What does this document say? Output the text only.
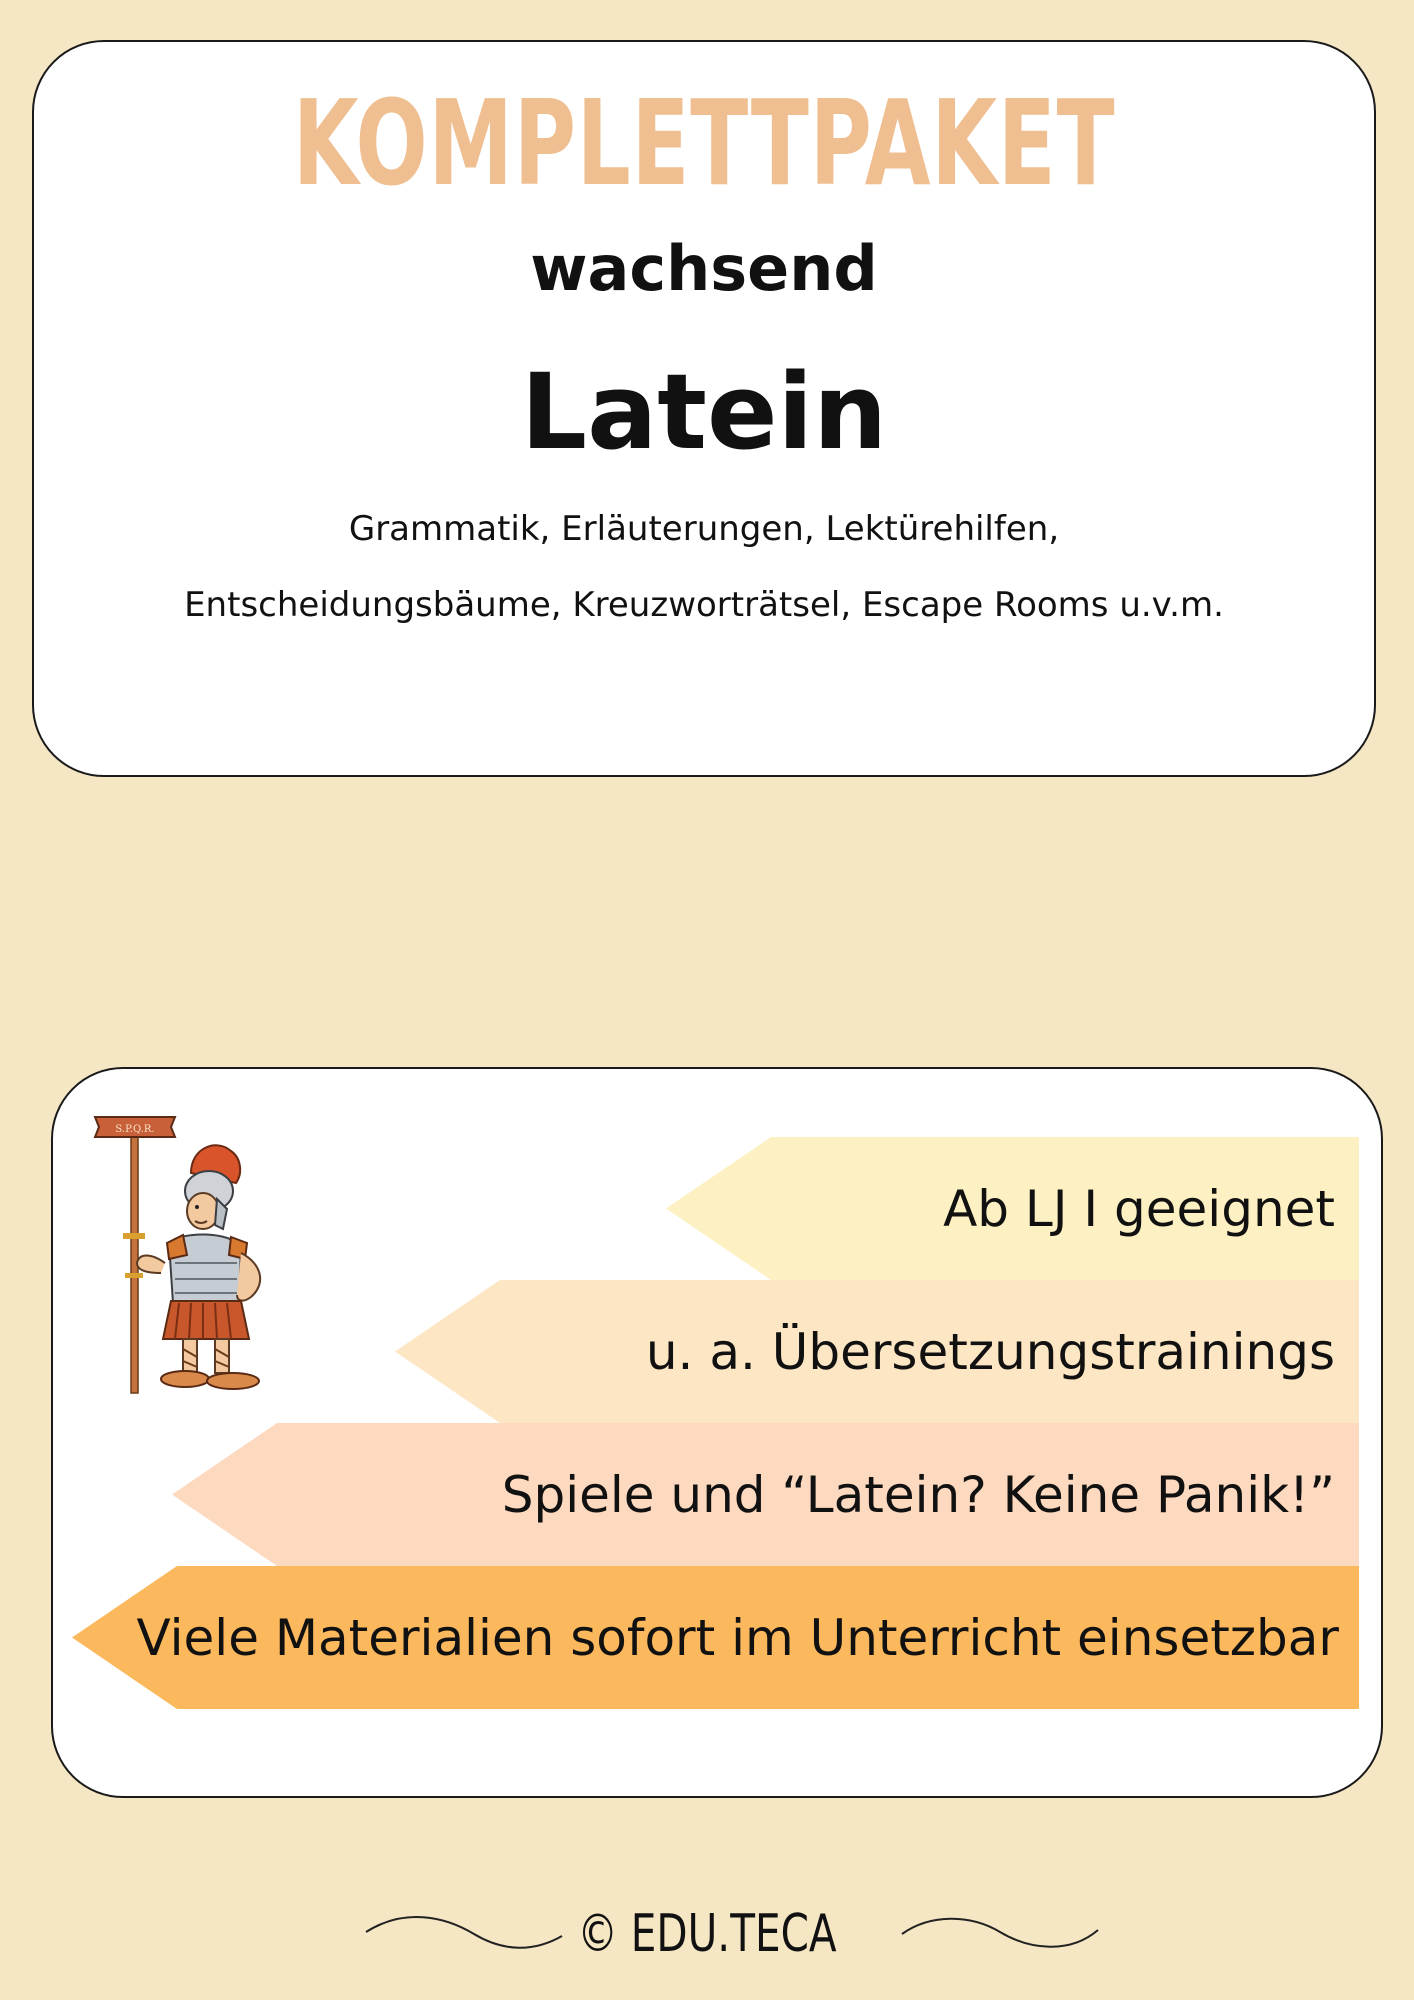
KOMPLETTPAKET
wachsend
Latein
Grammatik, Erläuterungen, Lektürehilfen,
Entscheidungsbäume, Kreuzworträtsel, Escape Rooms u.v.m.
S.P.Q.R.
Ab LJ I geeignet
u. a. Übersetzungstrainings
Spiele und “Latein? Keine Panik!”
Viele Materialien sofort im Unterricht einsetzbar
© EDU.TECA
